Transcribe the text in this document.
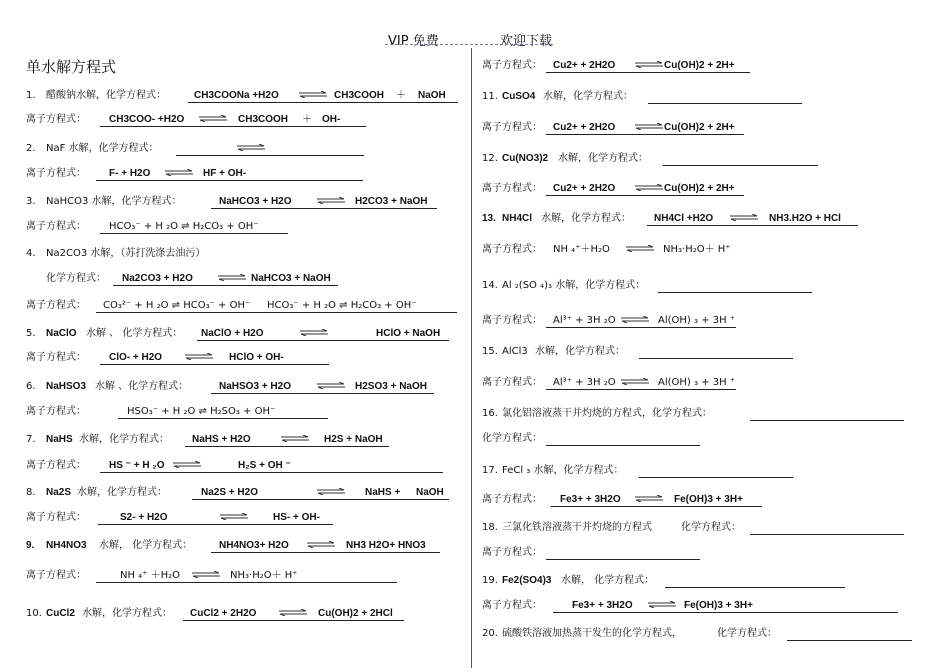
VIP 免费	欢迎下载
单水解方程式
1. 醋酸钠水解，化学方程式：	CH3COONa +H2O	CH3COOH ＋ NaOH
离子方程式： CH3COO- +H2O	CH3COOH ＋ OH-
2. NaF 水解，化学方程式：
离子方程式： F- + H2O	HF + OH-
3. NaHCO3 水解，化学方程式：	NaHCO3 + H2O	H2CO3 + NaOH
离子方程式： HCO₃⁻ + H ₂O ⇌ H₂CO₃ + OH⁻
4. Na2CO3 水解，（苏打洗涤去油污）
化学方程式： Na2CO3 + H2O	NaHCO3 + NaOH
离子方程式： CO₃²⁻ + H ₂O ⇌ HCO₃⁻ + OH⁻ HCO₃⁻ + H ₂O ⇌ H₂CO₃ + OH⁻
5. NaClO 水解 、 化学方程式： NaClO + H2O	HClO + NaOH
离子方程式： ClO- + H2O	HClO + OH-
6. NaHSO3 水解 、化学方程式：	NaHSO3 + H2O	H2SO3 + NaOH
离子方程式：	HSO₃⁻ + H ₂O ⇌ H₂SO₃ + OH⁻
7. NaHS 水解，化学方程式： NaHS + H2O	H2S + NaOH
离子方程式： HS ⁻ + H ₂O	H₂S + OH ⁻
8. Na2S 水解，化学方程式：	Na2S + H2O	NaHS + NaOH
离子方程式：	S2- + H2O	HS- + OH-
9. NH4NO3 水解， 化学方程式：	NH4NO3+ H2O	NH3 H2O+ HNO3
离子方程式：	NH ₄⁺ ＋H₂O	NH₃·H₂O＋ H⁺
10. CuCl2 水解，化学方程式： CuCl2 + 2H2O	Cu(OH)2 + 2HCl
离子方程式： Cu2+ + 2H2O	Cu(OH)2 + 2H+
11. CuSO4 水解，化学方程式：
离子方程式： Cu2+ + 2H2O	Cu(OH)2 + 2H+
12. Cu(NO3)2 水解，化学方程式：
离子方程式： Cu2+ + 2H2O	Cu(OH)2 + 2H+
13. NH4Cl 水解，化学方程式： NH4Cl +H2O	NH3.H2O + HCl
离子方程式： NH ₄⁺＋H₂O	NH₃·H₂O＋ H⁺
14. Al ₂(SO ₄)₃ 水解，化学方程式：
离子方程式： Al³⁺ + 3H ₂O	Al(OH) ₃ + 3H ⁺
15. AlCl3 水解，化学方程式：
离子方程式： Al³⁺ + 3H ₂O	Al(OH) ₃ + 3H ⁺
16. 氯化铝溶液蒸干并灼烧的方程式，化学方程式：
化学方程式：
17. FeCl ₃ 水解，化学方程式：
离子方程式： Fe3+ + 3H2O	Fe(OH)3 + 3H+
18. 三氯化铁溶液蒸干并灼烧的方程式	化学方程式：
离子方程式：
19. Fe2(SO4)3 水解， 化学方程式：
离子方程式：	Fe3+ + 3H2O	Fe(OH)3 + 3H+
20. 硫酸铁溶液加热蒸干发生的化学方程式，	化学方程式：
